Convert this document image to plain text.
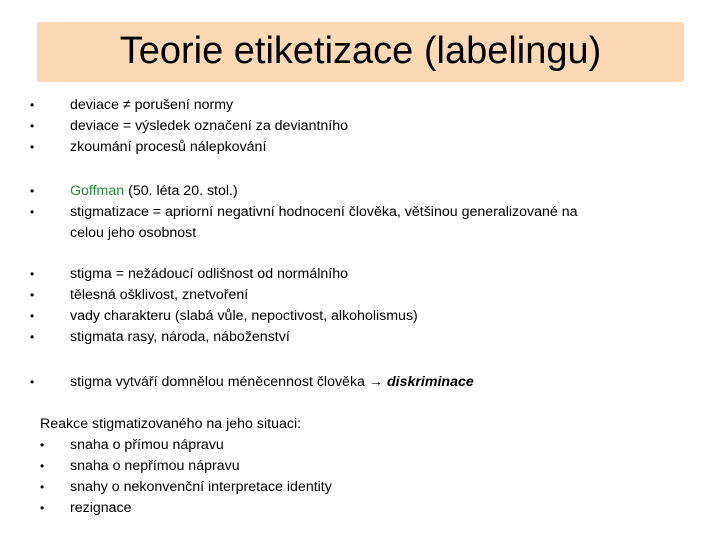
Teorie etiketizace (labelingu)
•	deviace ≠ porušení normy
•	deviace = výsledek označení za deviantního
•	zkoumání procesů nálepkování
•	Goffman (50. léta 20. stol.)
•	stigmatizace = apriorní negativní hodnocení člověka, většinou generalizované na
celou jeho osobnost
•	stigma = nežádoucí odlišnost od normálního
•	tělesná ošklivost, znetvoření
•	vady charakteru (slabá vůle, nepoctivost, alkoholismus)
•	stigmata rasy, národa, náboženství
•	stigma vytváří domnělou méněcennost člověka → diskriminace
Reakce stigmatizovaného na jeho situaci:
•	snaha o přímou nápravu
•	snaha o nepřímou nápravu
•	snahy o nekonvenční interpretace identity
•	rezignace
